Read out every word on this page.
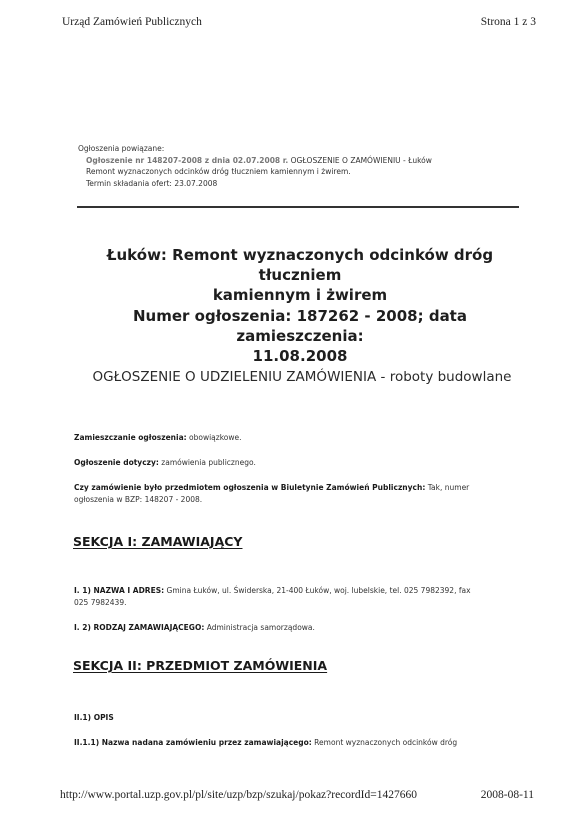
Urząd Zamówień Publicznych	Strona 1 z 3
Ogłoszenia powiązane:
Ogłoszenie nr 148207-2008 z dnia 02.07.2008 r. OGŁOSZENIE O ZAMÓWIENIU - Łuków
Remont wyznaczonych odcinków dróg tłuczniem kamiennym i żwirem.
Termin składania ofert: 23.07.2008
Łuków: Remont wyznaczonych odcinków dróg tłuczniem
kamiennym i żwirem
Numer ogłoszenia: 187262 - 2008; data zamieszczenia:
11.08.2008
OGŁOSZENIE O UDZIELENIU ZAMÓWIENIA - roboty budowlane
Zamieszczanie ogłoszenia: obowiązkowe.
Ogłoszenie dotyczy: zamówienia publicznego.
Czy zamówienie było przedmiotem ogłoszenia w Biuletynie Zamówień Publicznych: Tak, numer
ogłoszenia w BZP: 148207 - 2008.
SEKCJA I: ZAMAWIAJĄCY
I. 1) NAZWA I ADRES: Gmina Łuków, ul. Świderska, 21-400 Łuków, woj. lubelskie, tel. 025 7982392, fax
025 7982439.
I. 2) RODZAJ ZAMAWIAJĄCEGO: Administracja samorządowa.
SEKCJA II: PRZEDMIOT ZAMÓWIENIA
II.1) OPIS
II.1.1) Nazwa nadana zamówieniu przez zamawiającego: Remont wyznaczonych odcinków dróg
http://www.portal.uzp.gov.pl/pl/site/uzp/bzp/szukaj/pokaz?recordId=1427660	2008-08-11
